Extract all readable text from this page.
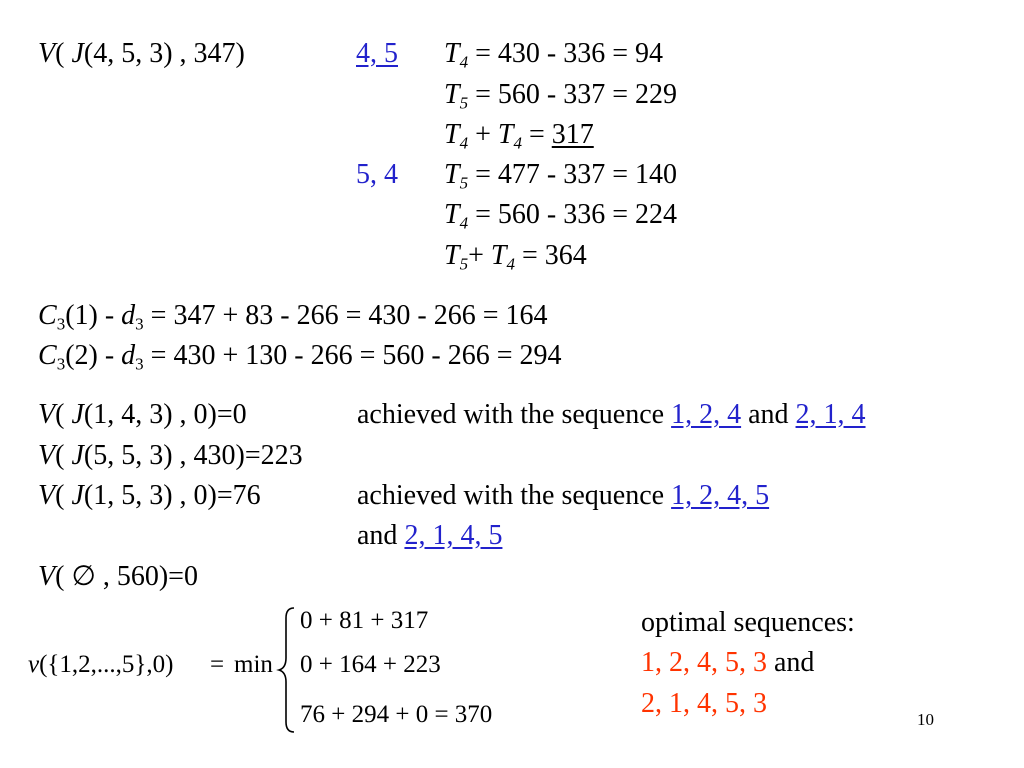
V( J(4, 5, 3) , 347)	4, 5 $T_4 = 430 - 336 = 94$
$T_5 = 560 - 337 = 229$
$T_4 + T_4 = 317$
5, 4 $T_5 = 477 - 337 = 140$
$T_4 = 560 - 336 = 224$
$T_5+ T_4 = 364$
$C_3(1) - d_3 = 347 + 83 - 266 = 430 - 266 = 164$
$C_3(2) - d_3 = 430 + 130 - 266 = 560 - 266 = 294$
V( J(1, 4, 3) , 0)=0	achieved with the sequence 1, 2, 4 and 2, 1, 4
V( J(5, 5, 3) , 430)=223
V( J(1, 5, 3) , 0)=76	achieved with the sequence 1, 2, 4, 5
and 2, 1, 4, 5
V( ∅ , 560)=0
v({1,2,...,5},0) = min
0 + 81 + 317
0 + 164 + 223
76 + 294 + 0 = 370
optimal sequences:
1, 2, 4, 5, 3 and
2, 1, 4, 5, 3
10
